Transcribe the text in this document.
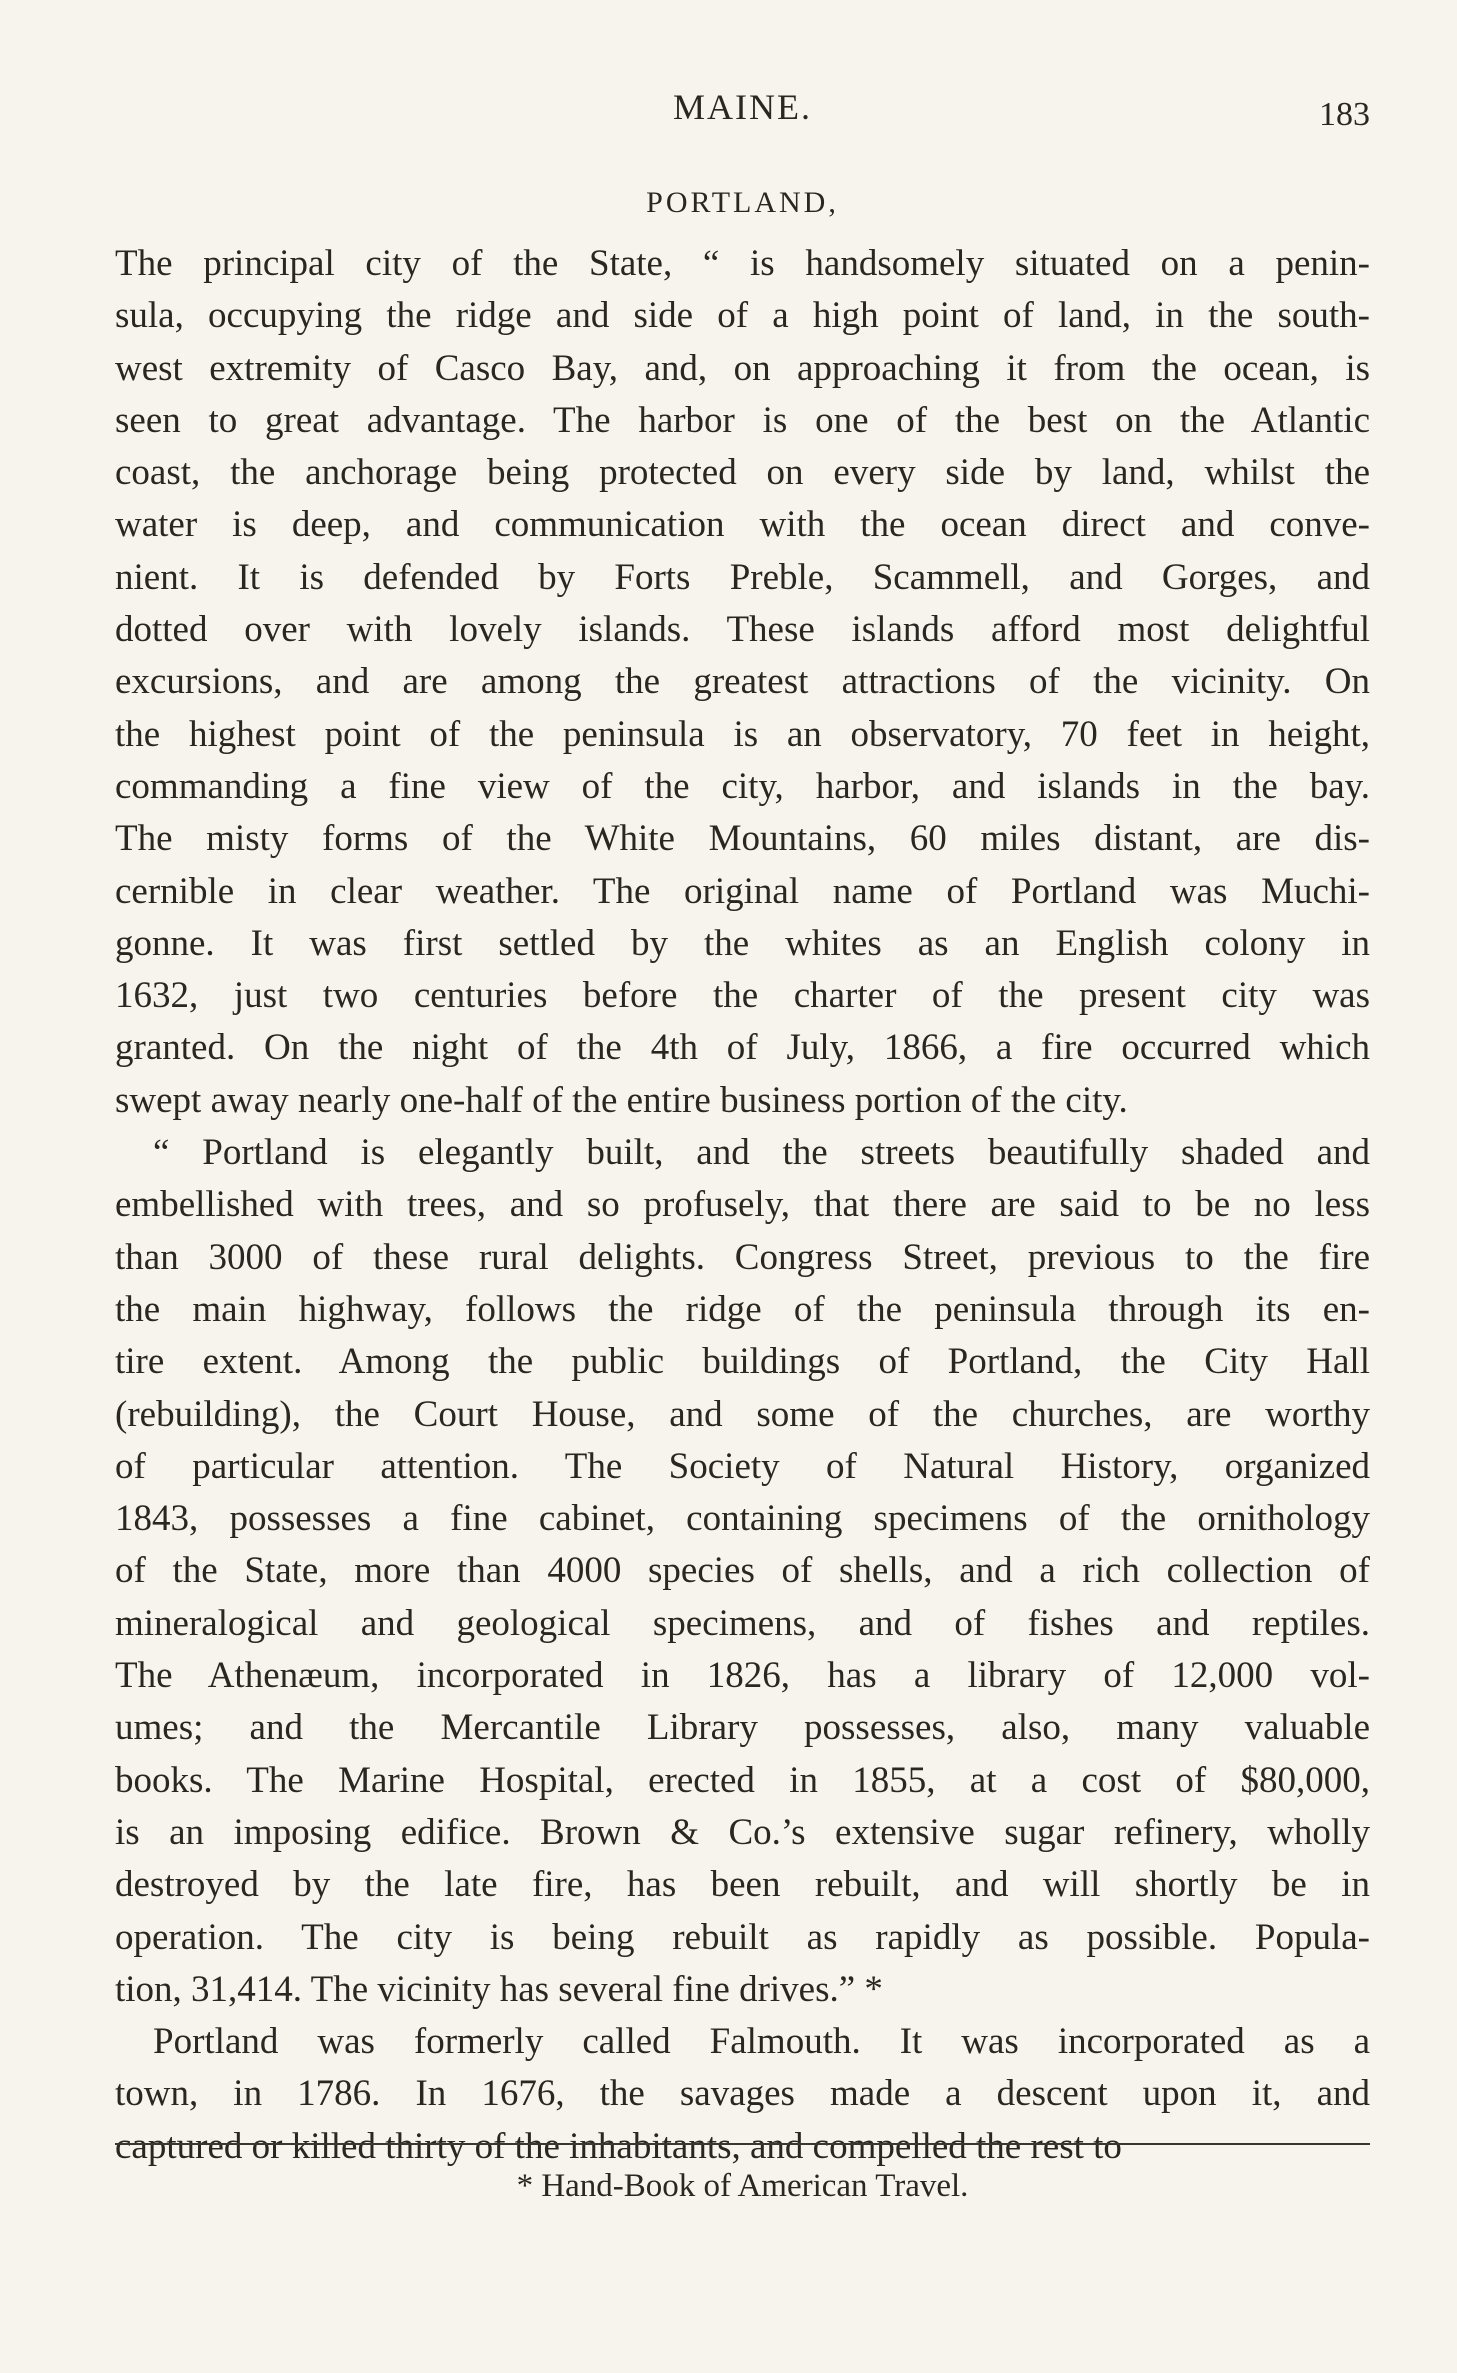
MAINE.	183
PORTLAND,

The principal city of the State, “ is handsomely situated on a penin-
sula, occupying the ridge and side of a high point of land, in the south-
west extremity of Casco Bay, and, on approaching it from the ocean, is
seen to great advantage. The harbor is one of the best on the Atlantic
coast, the anchorage being protected on every side by land, whilst the
water is deep, and communication with the ocean direct and conve-
nient. It is defended by Forts Preble, Scammell, and Gorges, and
dotted over with lovely islands. These islands afford most delightful
excursions, and are among the greatest attractions of the vicinity. On
the highest point of the peninsula is an observatory, 70 feet in height,
commanding a fine view of the city, harbor, and islands in the bay.
The misty forms of the White Mountains, 60 miles distant, are dis-
cernible in clear weather. The original name of Portland was Muchi-
gonne. It was first settled by the whites as an English colony in
1632, just two centuries before the charter of the present city was
granted. On the night of the 4th of July, 1866, a fire occurred which
swept away nearly one-half of the entire business portion of the city.

“ Portland is elegantly built, and the streets beautifully shaded and
embellished with trees, and so profusely, that there are said to be no less
than 3000 of these rural delights. Congress Street, previous to the fire
the main highway, follows the ridge of the peninsula through its en-
tire extent. Among the public buildings of Portland, the City Hall
(rebuilding), the Court House, and some of the churches, are worthy
of particular attention. The Society of Natural History, organized
1843, possesses a fine cabinet, containing specimens of the ornithology
of the State, more than 4000 species of shells, and a rich collection of
mineralogical and geological specimens, and of fishes and reptiles.
The Athenæum, incorporated in 1826, has a library of 12,000 vol-
umes; and the Mercantile Library possesses, also, many valuable
books. The Marine Hospital, erected in 1855, at a cost of $80,000,
is an imposing edifice. Brown & Co.’s extensive sugar refinery, wholly
destroyed by the late fire, has been rebuilt, and will shortly be in
operation. The city is being rebuilt as rapidly as possible. Popula-
tion, 31,414. The vicinity has several fine drives.” *

Portland was formerly called Falmouth. It was incorporated as a
town, in 1786. In 1676, the savages made a descent upon it, and
captured or killed thirty of the inhabitants, and compelled the rest to

* Hand-Book of American Travel.
